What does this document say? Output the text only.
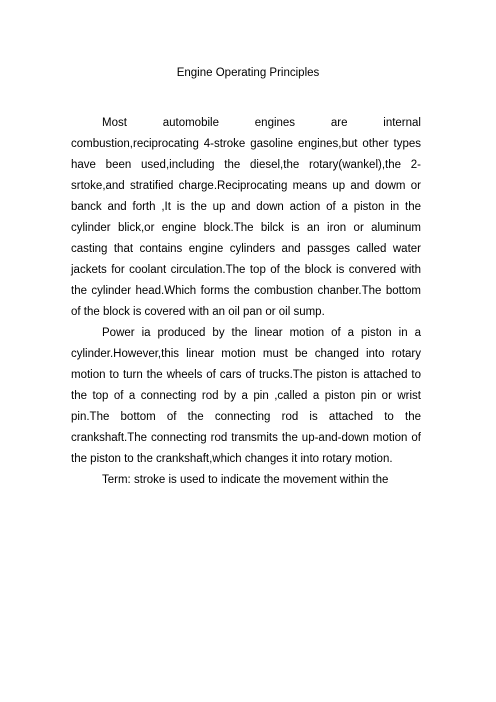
Engine Operating Principles

Most automobile engines are internal combustion,reciprocating 4-stroke gasoline engines,but other types have been used,including the diesel,the rotary(wankel),the 2-srtoke,and stratified charge.Reciprocating means up and dowm or banck and forth ,It is the up and down action of a piston in the cylinder blick,or engine block.The bilck is an iron or aluminum casting that contains engine cylinders and passges called water jackets for coolant circulation.The top of the block is convered with the cylinder head.Which forms the combustion chanber.The bottom of the block is covered with an oil pan or oil sump.

Power ia produced by the linear motion of a piston in a cylinder.However,this linear motion must be changed into rotary motion to turn the wheels of cars of trucks.The piston is attached to the top of a connecting rod by a pin ,called a piston pin or wrist pin.The bottom of the connecting rod is attached to the crankshaft.The connecting rod transmits the up-and-down motion of the piston to the crankshaft,which changes it into rotary motion.

Term: stroke is used to indicate the movement within the
